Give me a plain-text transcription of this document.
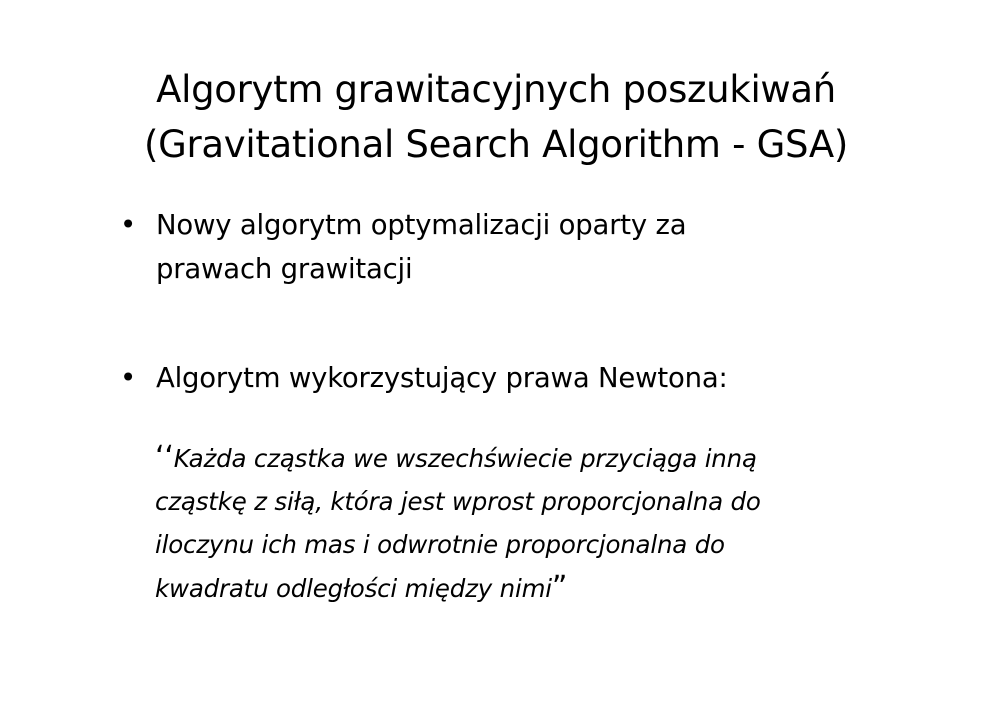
Algorytm grawitacyjnych poszukiwań
(Gravitational Search Algorithm - GSA)
• Nowy algorytm optymalizacji oparty za
prawach grawitacji
• Algorytm wykorzystujący prawa Newtona:
‘‘Każda cząstka we wszechświecie przyciąga inną
cząstkę z siłą, która jest wprost proporcjonalna do
iloczynu ich mas i odwrotnie proporcjonalna do
kwadratu odległości między nimi”
